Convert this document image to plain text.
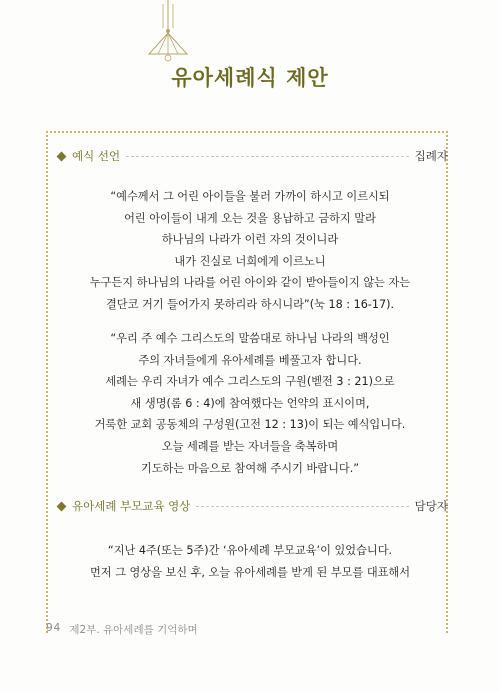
유아세례식 제안
예식 선언	집례자
“예수께서 그 어린 아이들을 불러 가까이 하시고 이르시되
어린 아이들이 내게 오는 것을 용납하고 금하지 말라
하나님의 나라가 이런 자의 것이니라
내가 진실로 너희에게 이르노니
누구든지 하나님의 나라를 어린 아이와 같이 받아들이지 않는 자는
결단코 거기 들어가지 못하리라 하시니라”(눅 18 : 16-17).
“우리 주 예수 그리스도의 말씀대로 하나님 나라의 백성인
주의 자녀들에게 유아세례를 베풀고자 합니다.
세례는 우리 자녀가 예수 그리스도의 구원(벧전 3 : 21)으로
새 생명(롬 6 : 4)에 참여했다는 언약의 표시이며,
거룩한 교회 공동체의 구성원(고전 12 : 13)이 되는 예식입니다.
오늘 세례를 받는 자녀들을 축복하며
기도하는 마음으로 참여해 주시기 바랍니다.”
유아세례 부모교육 영상	담당자
“지난 4주(또는 5주)간 ‘유아세례 부모교육’이 있었습니다.
먼저 그 영상을 보신 후, 오늘 유아세례를 받게 된 부모를 대표해서
94 제2부. 유아세례를 기억하며
